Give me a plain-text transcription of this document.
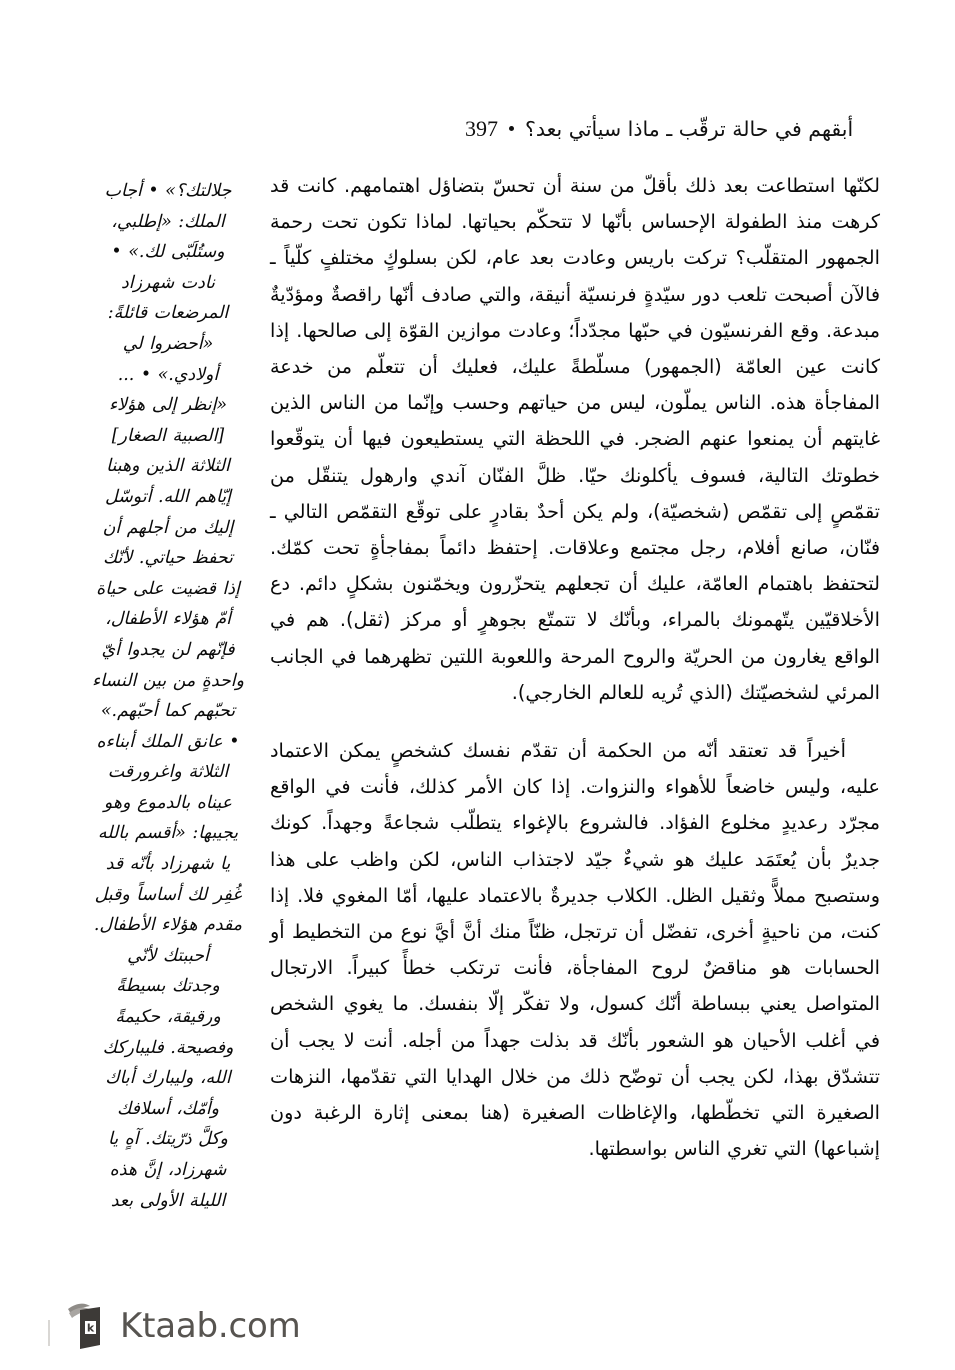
أبقهم في حالة ترقّب ـ ماذا سيأتي بعد؟
397

لكنّها استطاعت بعد ذلك بأقلّ من سنة أن تحسّ بتضاؤل اهتمامهم. كانت قد كرهت منذ الطفولة الإحساس بأنّها لا تتحكّم بحياتها. لماذا تكون تحت رحمة الجمهور المتقلّب؟ تركت باريس وعادت بعد عام، لكن بسلوكٍ مختلفٍ كلّياً ـ فالآن أصبحت تلعب دور سيّدةٍ فرنسيّة أنيقة، والتي صادف أنّها راقصةٌ ومؤدّيةٌ مبدعة. وقع الفرنسيّون في حبّها مجدّداً؛ وعادت موازين القوّة إلى صالحها. إذا كانت عين العامّة (الجمهور) مسلّطةً عليك، فعليك أن تتعلّم من خدعة المفاجأة هذه. الناس يملّون، ليس من حياتهم وحسب وإنّما من الناس الذين غايتهم أن يمنعوا عنهم الضجر. في اللحظة التي يستطيعون فيها أن يتوقّعوا خطوتك التالية، فسوف يأكلونك حيّا. ظلَّ الفنّان آندي وارهول يتنقّل من تقمّصٍ إلى تقمّص (شخصيّة)، ولم يكن أحدٌ بقادرٍ على توقّع التقمّص التالي ـ فنّان، صانع أفلام، رجل مجتمع وعلاقات. إحتفظ دائماً بمفاجأةٍ تحت كمّك. لتحتفظ باهتمام العامّة، عليك أن تجعلهم يتحزّرون ويخمّنون بشكلٍ دائم. دع الأخلاقيّين يتّهمونك بالمراء، وبأنّك لا تتمتّع بجوهرٍ أو مركز (ثقل). هم في الواقع يغارون من الحريّة والروح المرحة واللعوبة اللتين تظهرهما في الجانب المرئي لشخصيّتك (الذي تُريه للعالم الخارجي).

أخيراً قد تعتقد أنّه من الحكمة أن تقدّم نفسك كشخصٍ يمكن الاعتماد عليه، وليس خاضعاً للأهواء والنزوات. إذا كان الأمر كذلك، فأنت في الواقع مجرّد رعديدٍ مخلوع الفؤاد. فالشروع بالإغواء يتطلّب شجاعةً وجهداً. كونك جديرٌ بأن يُعتَمَد عليك هو شيءٌ جيّد لاجتذاب الناس، لكن واظب على هذا وستصبح مملاًّ وثقيل الظل. الكلاب جديرةٌ بالاعتماد عليها، أمّا المغوي فلا. إذا كنت، من ناحيةٍ أخرى، تفضّل أن ترتجل، ظنّاً منك أنَّ أيَّ نوع من التخطيط أو الحسابات هو مناقضٌ لروح المفاجأة، فأنت ترتكب خطأً كبيراً. الارتجال المتواصل يعني ببساطة أنّك كسول، ولا تفكّر إلّا بنفسك. ما يغوي الشخص في أغلب الأحيان هو الشعور بأنّك قد بذلت جهداً من أجله. أنت لا يجب أن تتشدّق بهذا، لكن يجب أن توضّح ذلك من خلال الهدايا التي تقدّمها، النزهات الصغيرة التي تخطّطها، والإغاظات الصغيرة (هنا بمعنى إثارة الرغبة دون إشباعها) التي تغري الناس بواسطتها.

جلالتك؟» • أجاب
الملك: «إطلبي،
وستُلَبّى لك.» •
نادت شهرزاد
المرضعات قائلةً:
«أحضروا لي
أولادي.» • ...
«إنظر إلى هؤلاء
[الصبية الصغار]
الثلاثة الذين وهبنا
إيّاهم الله. أتوسّل
إليك من أجلهم أن
تحفظ حياتي. لأنّك
إذا قضيت على حياة
أمّ هؤلاء الأطفال،
فإنّهم لن يجدوا أيّ
واحدةٍ من بين النساء
تحبّهم كما أحبّهم.»
• عانق الملك أبناءه
الثلاثة واغرورقت
عيناه بالدموع وهو
يجيبها: «أقسم بالله
يا شهرزاد بأنّه قد
غُفِر لك أساساً وقبل
مقدم هؤلاء الأطفال.
أحببتك لأنّي
وجدتك بسيطةً
ورقيقة، حكيمةً
وفصيحة. فليباركك
الله، وليبارك أباك
وأمّك، أسلافك
وكلَّ ذرّيتك. آهٍ يا
شهرزاد، إنَّ هذه
الليلة الأولى بعد

k Ktaab.com
